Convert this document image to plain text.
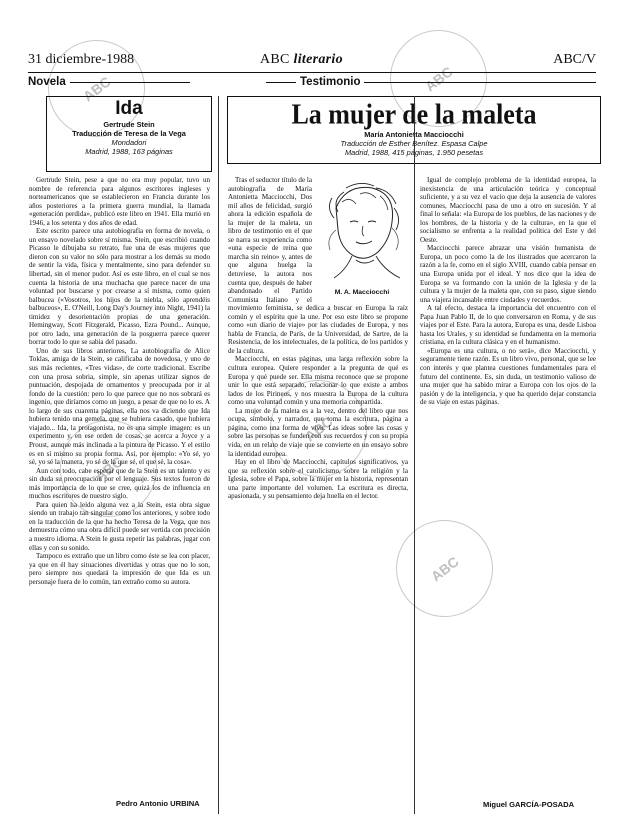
ABC
ABC
ABC
ABC
ABC
31 diciembre-1988	ABC literario	ABC/V
Novela	Testimonio
Ida
Gertrude Stein
Traducción de Teresa de la Vega
Mondadori
Madrid, 1988, 163 páginas
La mujer de la maleta
María Antonietta Macciocchi
Traducción de Esther Benítez. Espasa Calpe
Madrid, 1988, 415 páginas, 1.950 pesetas

Gertrude Stein, pese a que no era muy popular, tuvo un nombre de referencia para algunos escritores ingleses y norteamericanos que se establecieron en Francia durante los años posteriores a la primera guerra mundial, la llamada «generación perdida», publicó este libro en 1941. Ella murió en 1946, a los setenta y dos años de edad.

Este escrito parece una autobiografía en forma de novela, o un ensayo novelado sobre sí misma. Stein, que escribió cuando Picasso le dibujaba su retrato, fue una de esas mujeres que dieron con su valor no sólo para mostrar a los demás su modo de sentir la vida, física y mentalmente, sino para defender su libertad, sin el menor pudor. Así es este libro, en el cual se nos cuenta la historia de una muchacha que parece nacer de una voluntad por buscarse y por crearse a sí misma, como quien balbucea («Vosotros, los hijos de la niebla, sólo aprendéis balbuceos», E. O'Neill, Long Day's Journey into Night, 1941) la timidez y desorientación propias de una generación. Hemingway, Scott Fitzgerald, Picasso, Ezra Pound... Aunque, por otro lado, una generación de la posguerra parece querer borrar todo lo que se sabía del pasado.

Uno de sus libros anteriores, La autobiografía de Alice Toklas, amiga de la Stein, se calificaba de novedosa, y uno de sus más recientes, «Tres vidas», de corte tradicional. Escribe con una prosa sobria, simple, sin apenas utilizar signos de puntuación, despojada de ornamentos y preocupada por ir al fondo de la cuestión: pero lo que parece que no nos sobrará es ingenio, que diríamos como un juego, a pesar de que no lo es. A lo largo de sus cuarenta páginas, ella nos va diciendo que Ida hubiera tenido una gemela, que se hubiera casado, que hubiera viajado... Ida, la protagonista, no es una simple imagen: es un experimento y, en ese orden de cosas, se acerca a Joyce y a Proust, aunque más inclinada a la pintura de Picasso. Y el estilo es en sí mismo su propia forma. Así, por ejemplo: «Yo sé, yo sé, yo sé la manera, yo sé de la que sé, el que sé, la cosa».

Aun con todo, cabe esperar que de la Stein es un talento y es sin duda su preocupación por el lenguaje. Sus textos fueron de más importancia de lo que se cree, quizá los de influencia en muchos escritores de nuestro siglo.

Para quien ha leído alguna vez a la Stein, esta obra sigue siendo un trabajo tan singular como los anteriores, y sobre todo en la traducción de la que ha hecho Teresa de la Vega, que nos demuestra cómo una obra difícil puede ser vertida con precisión a nuestro idioma. A Stein le gusta repetir las palabras, jugar con ellas y con su sonido.

Tampoco es extraño que un libro como éste se lea con placer, ya que en él hay situaciones divertidas y otras que no lo son, pero siempre nos quedará la impresión de que Ida es un personaje fuera de lo común, tan extraño como su autora.

Pedro Antonio URBINA
M. A. Macciocchi

Tras el seductor título de la autobiografía de María Antonietta Macciocchi, Dos mil años de felicidad, surgió ahora la edición española de la mujer de la maleta, un libro de testimonio en el que se narra su experiencia como «una especie de reina que marcha sin reino» y, antes de que alguna huelga la detuviese, la autora nos cuenta que, después de haber abandonado el Partido Comunista Italiano y el movimiento feminista, se dedica a buscar en Europa la raíz común y el espíritu que la une. Por eso este libro se propone como «un diario de viaje» por las ciudades de Europa, y nos habla de Francia, de París, de la Universidad, de Sartre, de la Resistencia, de los intelectuales, de la política, de los partidos y de la cultura.

Macciocchi, en estas páginas, una larga reflexión sobre la cultura europea. Quiere responder a la pregunta de qué es Europa y qué puede ser. Ella misma reconoce que se propone unir lo que está separado, relacionar lo que existe a ambos lados de los Pirineos, y nos muestra la Europa de la cultura como una voluntad común y una memoria compartida.

La mujer de la maleta es a la vez, dentro del libro que nos ocupa, símbolo, y narrador, que toma la escritura, página a página, como una forma de vivir. Las ideas sobre las cosas y sobre las personas se funden con sus recuerdos y con su propia vida, en un relato de viaje que se convierte en un ensayo sobre la identidad europea.

Hay en el libro de Macciocchi, capítulos significativos, ya que su reflexión sobre el catolicismo, sobre la religión y la Iglesia, sobre el Papa, sobre la mujer en la historia, representan una parte importante del volumen. La escritura es directa, apasionada, y su pensamiento deja huella en el lector.

Igual de complejo problema de la identidad europea, la inexistencia de una articulación teórica y conceptual suficiente, y a su vez el vacío que deja la ausencia de valores comunes, Macciocchi pasa de uno a otro en sucesión. Y al final lo señala: «la Europa de los pueblos, de las naciones y de los hombres, de la historia y de la cultura», en la que el socialismo se enfrenta a la realidad política del Este y del Oeste.

Macciocchi parece abrazar una visión humanista de Europa, un poco como la de los ilustrados que acercaron la razón a la fe, como en el siglo XVIII, cuando cabía pensar en una Europa unida por el ideal. Y nos dice que la idea de Europa se va formando con la unión de la Iglesia y de la cultura y la mujer de la maleta que, con su paso, sigue siendo una viajera incansable entre ciudades y recuerdos.

A tal efecto, destaca la importancia del encuentro con el Papa Juan Pablo II, de lo que conversaron en Roma, y de sus viajes por el Este. Para la autora, Europa es una, desde Lisboa hasta los Urales, y su identidad se fundamenta en la memoria cristiana, en la cultura clásica y en el humanismo.

«Europa es una cultura, o no será», dice Macciocchi, y seguramente tiene razón. Es un libro vivo, personal, que se lee con interés y que plantea cuestiones fundamentales para el futuro del continente. Es, sin duda, un testimonio valioso de una mujer que ha sabido mirar a Europa con los ojos de la pasión y de la inteligencia, y que ha querido dejar constancia de su viaje en estas páginas.

Miguel GARCÍA-POSADA
